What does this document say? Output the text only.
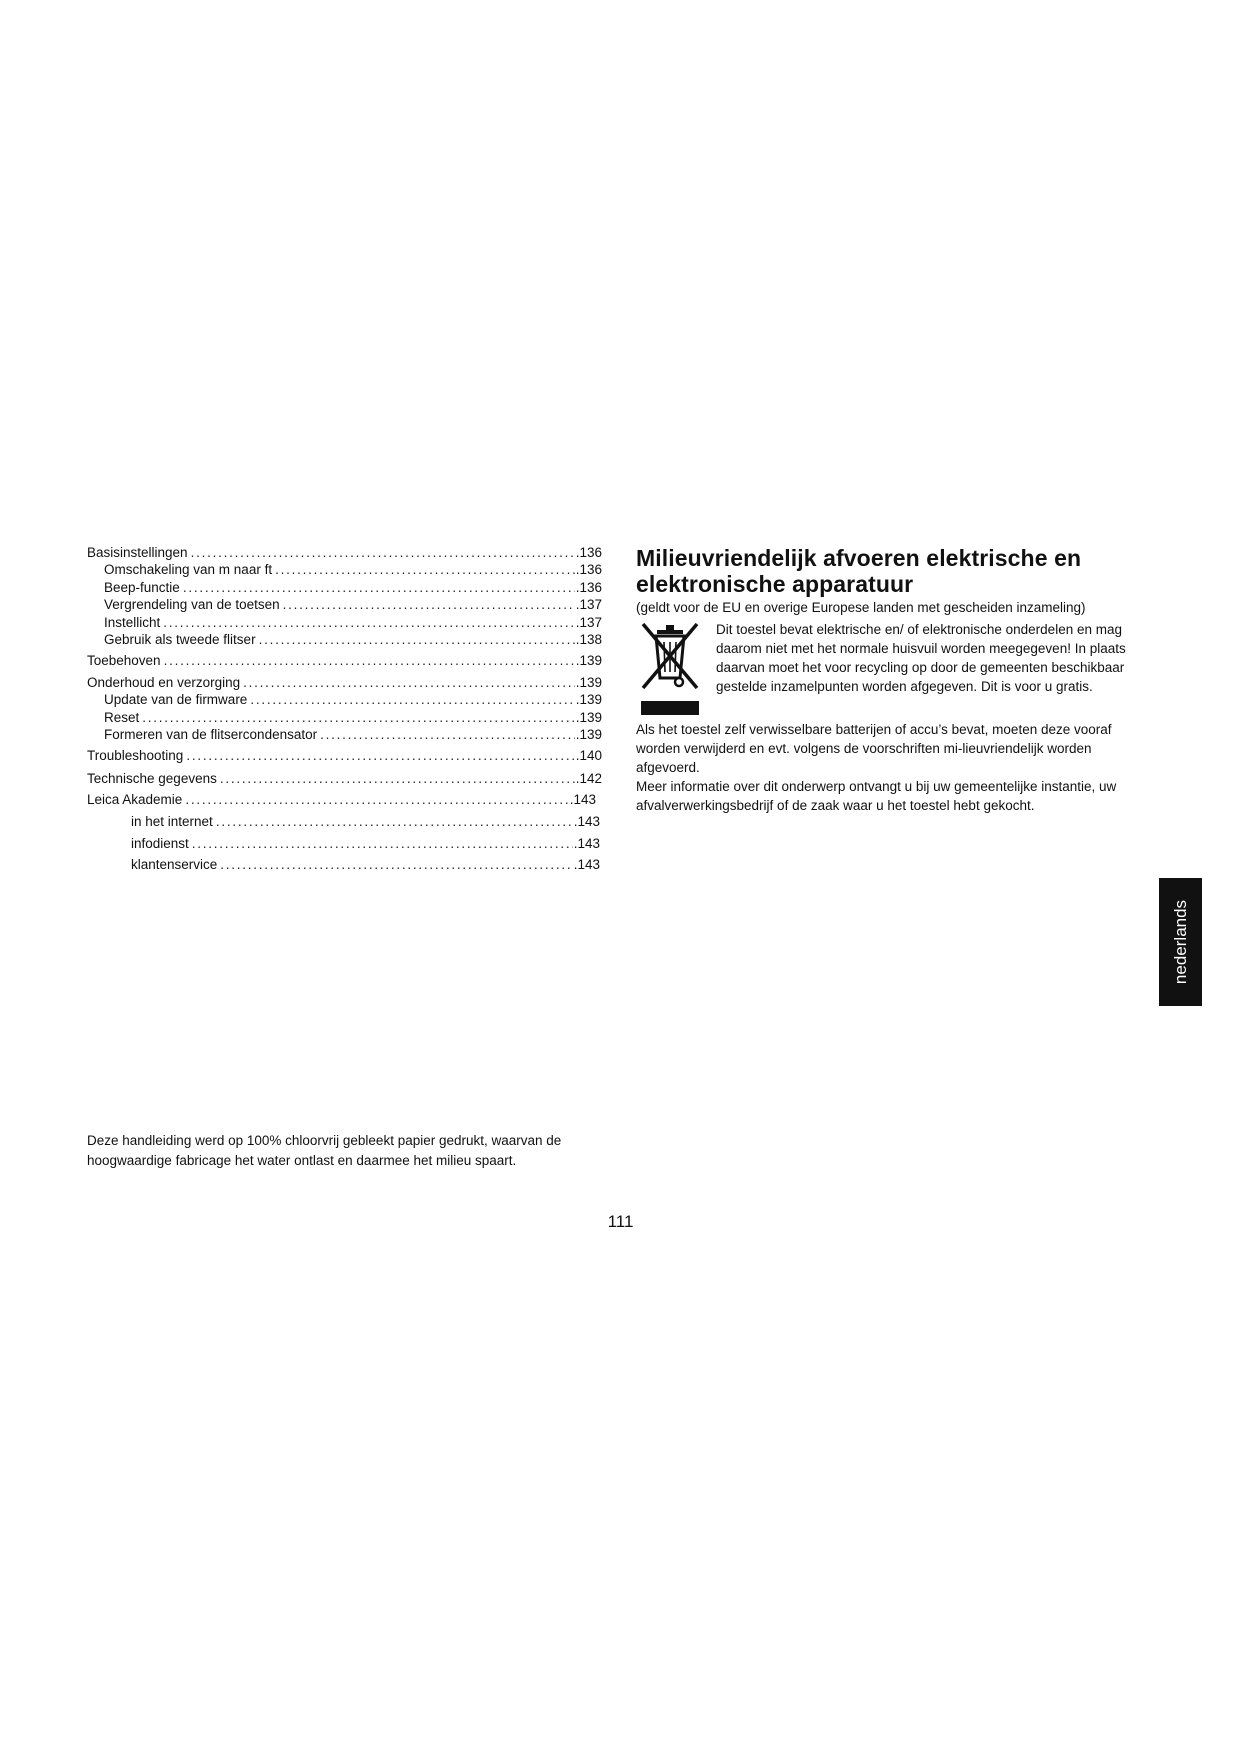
Basisinstellingen . . .	.136
Omschakeling van m naar ft . . .	.136
Beep-functie . . .	.136
Vergrendeling van de toetsen . . .	.137
Instellicht . . .	.137
Gebruik als tweede flitser . . .	.138
Toebehoven . . .	.139
Onderhoud en verzorging . . .	.139
Update van de firmware . . .	.139
Reset . . .	.139
Formeren van de flitsercondensator . . .	.139
Troubleshooting . . .	.140
Technische gegevens . . .	.142
Leica Akademie . . .	.143
in het internet . . .	.143
infodienst . . .	.143
klantenservice . . .	.143
Milieuvriendelijk afvoeren elektrische en
elektronische apparatuur
(geldt voor de EU en overige Europese landen met gescheiden inzameling)
Dit toestel bevat elektrische en/ of elektronische onderdelen en mag daarom niet met het normale huisvuil worden meegegeven! In plaats daarvan moet het voor recycling op door de gemeenten beschikbaar gestelde inzamelpunten worden afgegeven. Dit is voor u gratis.
Als het toestel zelf verwisselbare batterijen of accu’s bevat, moeten deze vooraf worden verwijderd en evt. volgens de voorschriften mi-lieuvriendelijk worden afgevoerd.
Meer informatie over dit onderwerp ontvangt u bij uw gemeentelijke instantie, uw afvalverwerkingsbedrijf of de zaak waar u het toestel hebt gekocht.
nederlands
Deze handleiding werd op 100% chloorvrij gebleekt papier gedrukt, waarvan de hoogwaardige fabricage het water ontlast en daarmee het milieu spaart.
111
